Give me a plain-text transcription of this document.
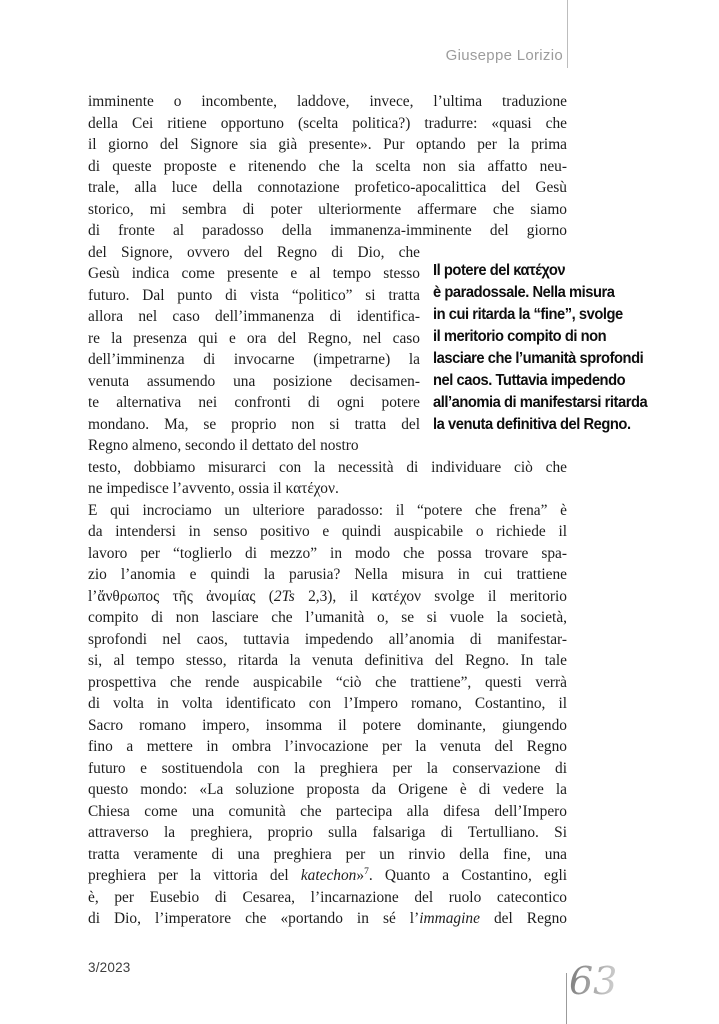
Giuseppe Lorizio
imminente o incombente, laddove, invece, l’ultima traduzione
della Cei ritiene opportuno (scelta politica?) tradurre: «quasi che
il giorno del Signore sia già presente». Pur optando per la prima
di queste proposte e ritenendo che la scelta non sia affatto neu-
trale, alla luce della connotazione profetico-apocalittica del Gesù
storico, mi sembra di poter ulteriormente affermare che siamo
di fronte al paradosso della immanenza-imminente del giorno
del Signore, ovvero del Regno di Dio, che
Gesù indica come presente e al tempo stesso
futuro. Dal punto di vista “politico” si tratta
allora nel caso dell’immanenza di identifica-
re la presenza qui e ora del Regno, nel caso
dell’imminenza di invocarne (impetrarne) la
venuta assumendo una posizione decisamen-
te alternativa nei confronti di ogni potere
mondano. Ma, se proprio non si tratta del
Regno almeno, secondo il dettato del nostro
testo, dobbiamo misurarci con la necessità di individuare ciò che
ne impedisce l’avvento, ossia il κατέχον.
E qui incrociamo un ulteriore paradosso: il “potere che frena” è
da intendersi in senso positivo e quindi auspicabile o richiede il
lavoro per “toglierlo di mezzo” in modo che possa trovare spa-
zio l’anomia e quindi la parusia? Nella misura in cui trattiene
l’ἄνθρωπος τῆς ἀνομίας (2Ts 2,3), il κατέχον svolge il meritorio
compito di non lasciare che l’umanità o, se si vuole la società,
sprofondi nel caos, tuttavia impedendo all’anomia di manifestar-
si, al tempo stesso, ritarda la venuta definitiva del Regno. In tale
prospettiva che rende auspicabile “ciò che trattiene”, questi verrà
di volta in volta identificato con l’Impero romano, Costantino, il
Sacro romano impero, insomma il potere dominante, giungendo
fino a mettere in ombra l’invocazione per la venuta del Regno
futuro e sostituendola con la preghiera per la conservazione di
questo mondo: «La soluzione proposta da Origene è di vedere la
Chiesa come una comunità che partecipa alla difesa dell’Impero
attraverso la preghiera, proprio sulla falsariga di Tertulliano. Si
tratta veramente di una preghiera per un rinvio della fine, una
preghiera per la vittoria del katechon»$^7$. Quanto a Costantino, egli
è, per Eusebio di Cesarea, l’incarnazione del ruolo catecontico
di Dio, l’imperatore che «portando in sé l’immagine del Regno
Il potere del κατέχον
è paradossale. Nella misura
in cui ritarda la “fine”, svolge
il meritorio compito di non
lasciare che l’umanità sprofondi
nel caos. Tuttavia impedendo
all’anomia di manifestarsi ritarda
la venuta definitiva del Regno.
3/2023	63
